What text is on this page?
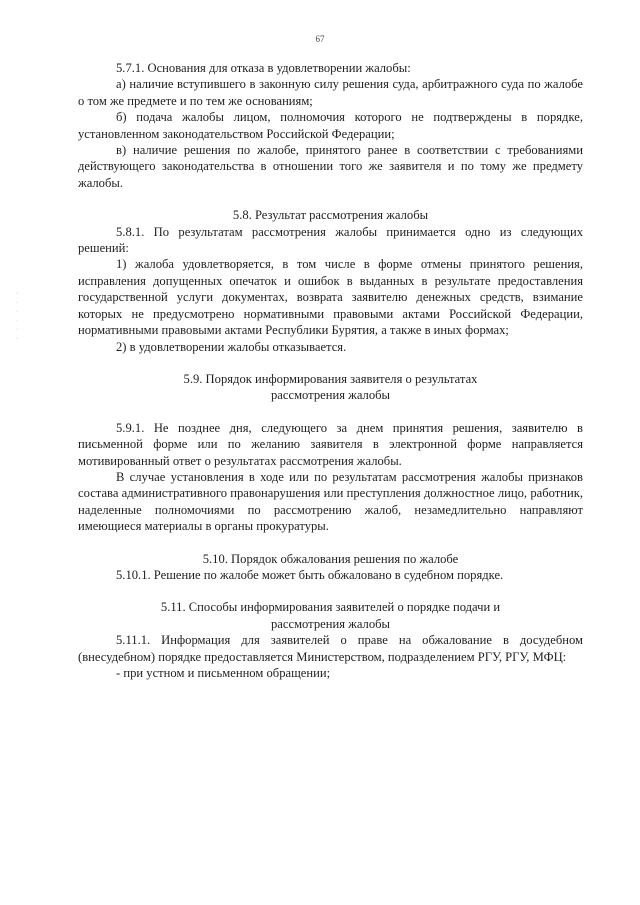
67
·
·
·
·
·
·

5.7.1. Основания для отказа в удовлетворении жалобы:

а) наличие вступившего в законную силу решения суда, арбитражного суда по жалобе о том же предмете и по тем же основаниям;

б) подача жалобы лицом, полномочия которого не подтверждены в порядке, установленном законодательством Российской Федерации;

в) наличие решения по жалобе, принятого ранее в соответствии с требованиями действующего законодательства в отношении того же заявителя и по тому же предмету жалобы.

5.8. Результат рассмотрения жалобы

5.8.1. По результатам рассмотрения жалобы принимается одно из следующих решений:

1) жалоба удовлетворяется, в том числе в форме отмены принятого решения, исправления допущенных опечаток и ошибок в выданных в результате предоставления государственной услуги документах, возврата заявителю денежных средств, взимание которых не предусмотрено нормативными правовыми актами Российской Федерации, нормативными правовыми актами Республики Бурятия, а также в иных формах;

2) в удовлетворении жалобы отказывается.

5.9. Порядок информирования заявителя о результатах

рассмотрения жалобы

5.9.1. Не позднее дня, следующего за днем принятия решения, заявителю в письменной форме или по желанию заявителя в электронной форме направляется мотивированный ответ о результатах рассмотрения жалобы.

В случае установления в ходе или по результатам рассмотрения жалобы признаков состава административного правонарушения или преступления должностное лицо, работник, наделенные полномочиями по рассмотрению жалоб, незамедлительно направляют имеющиеся материалы в органы прокуратуры.

5.10. Порядок обжалования решения по жалобе

5.10.1. Решение по жалобе может быть обжаловано в судебном порядке.

5.11. Способы информирования заявителей о порядке подачи и

рассмотрения жалобы

5.11.1. Информация для заявителей о праве на обжалование в досудебном (внесудебном) порядке предоставляется Министерством, подразделением РГУ, РГУ, МФЦ:

- при устном и письменном обращении;
